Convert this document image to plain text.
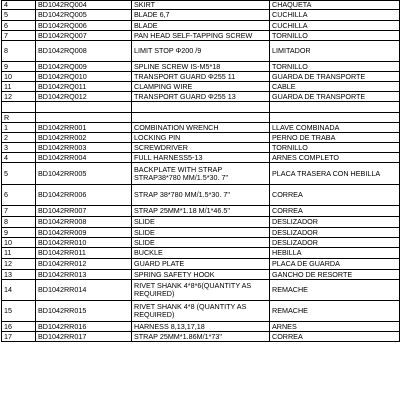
4	BD1042RQ004	SKIRT	CHAQUETA
5	BD1042RQ005	BLADE 6,7	CUCHILLA
6	BD1042RQ006	BLADE	CUCHILLA
7	BD1042RQ007	PAN HEAD SELF-TAPPING SCREW	TORNILLO
8	BD1042RQ008	LIMIT STOP Φ200 /9	LIMITADOR
9	BD1042RQ009	SPLINE SCREW IS-M5*18	TORNILLO
10	BD1042RQ010	TRANSPORT GUARD Φ255 11	GUARDA DE TRANSPORTE
11	BD1042RQ011	CLAMPING WIRE	CABLE
12	BD1042RQ012	TRANSPORT GUARD Φ255 13	GUARDA DE TRANSPORTE

R			
1	BD1042RR001	COMBINATION WRENCH	LLAVE COMBINADA
2	BD1042RR002	LOCKING PIN	PERNO DE TRABA
3	BD1042RR003	SCREWDRIVER	TORNILLO
4	BD1042RR004	FULL HARNESS5-13	ARNES COMPLETO
5	BD1042RR005	BACKPLATE WITH STRAP STRAP38*780 MM/1.5*30. 7"	PLACA TRASERA CON HEBILLA
6	BD1042RR006	STRAP 38*780 MM/1.5*30. 7"	CORREA
7	BD1042RR007	STRAP 25MM*1.18 M/1*46.5"	CORREA
8	BD1042RR008	SLIDE	DESLIZADOR
9	BD1042RR009	SLIDE	DESLIZADOR
10	BD1042RR010	SLIDE	DESLIZADOR
11	BD1042RR011	BUCKLE	HEBILLA
12	BD1042RR012	GUARD PLATE	PLACA DE GUARDA
13	BD1042RR013	SPRING SAFETY HOOK	GANCHO DE RESORTE
14	BD1042RR014	RIVET SHANK 4*8*6(QUANTITY AS REQUIRED)	REMACHE
15	BD1042RR015	RIVET SHANK 4*8 (QUANTITY AS REQUIRED)	REMACHE
16	BD1042RR016	HARNESS 8,13,17,18	ARNES
17	BD1042RR017	STRAP 25MM*1.86M/1*73"	CORREA
